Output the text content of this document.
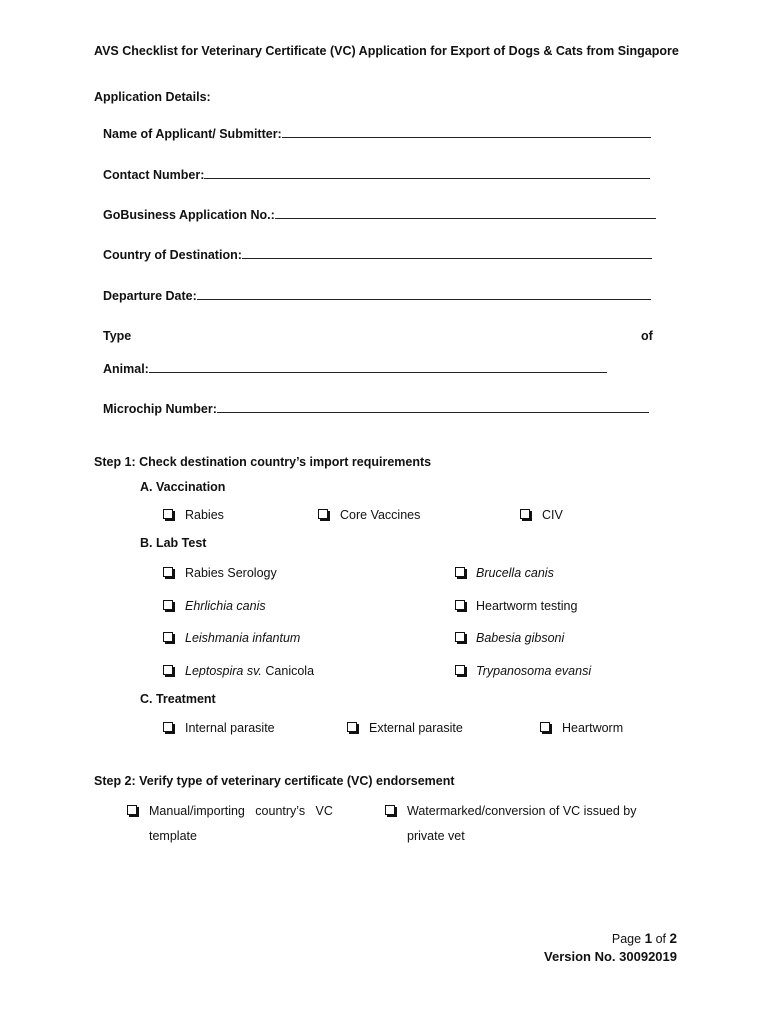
AVS Checklist for Veterinary Certificate (VC) Application for Export of Dogs & Cats from Singapore
Application Details:
Name of Applicant/ Submitter:
Contact Number:
GoBusiness Application No.:
Country of Destination:
Departure Date:
Type	of
Animal:
Microchip Number:
Step 1: Check destination country’s import requirements
A. Vaccination
Rabies	Core Vaccines	CIV
B. Lab Test
Rabies Serology	Brucella canis
Ehrlichia canis	Heartworm testing
Leishmania infantum	Babesia gibsoni
Leptospira sv. Canicola	Trypanosoma evansi
C. Treatment
Internal parasite	External parasite	Heartworm
Step 2: Verify type of veterinary certificate (VC) endorsement
Manual/importing   country’s   VC
template
Watermarked/conversion of VC issued by
private vet
Page 1 of 2
Version No. 30092019
